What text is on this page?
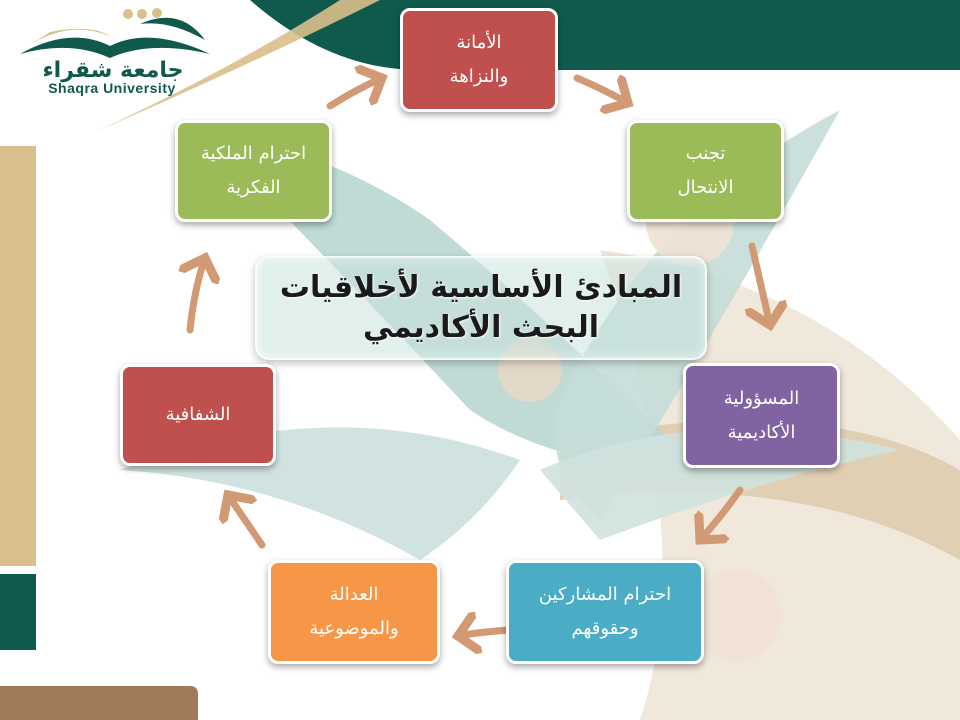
جامعة شقراء
Shaqra University
المبادئ الأساسية لأخلاقيات
البحث الأكاديمي
الأمانة
والنزاهة
تجنب
الانتحال
المسؤولية
الأكاديمية
احترام المشاركين
وحقوقهم
العدالة
والموضوعية
الشفافية
احترام الملكية
الفكرية
